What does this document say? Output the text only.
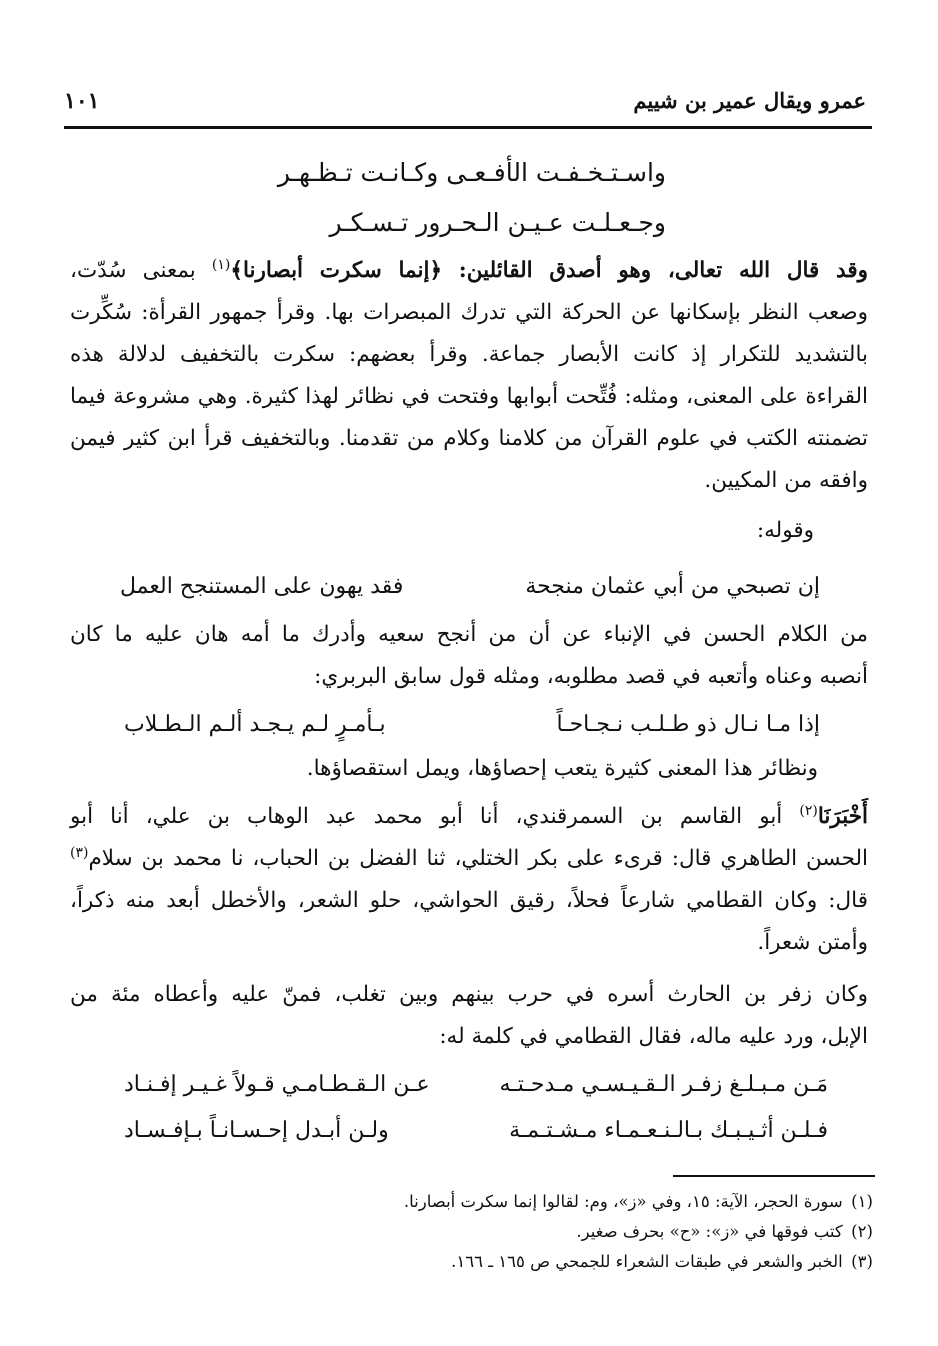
عمرو ويقال عمير بن شييم
١٠١
واسـتـخـفـت الأفـعـى وكـانـت تـظـهـر
وجـعـلـت عـيـن الـحـرور تـسـكـر
وقد قال الله تعالى، وهو أصدق القائلين: ﴿إنما سكرت أبصارنا﴾$^{(١)}$ بمعنى سُدّت،
وصعب النظر بإسكانها عن الحركة التي تدرك المبصرات بها. وقرأ جمهور القرأة: سُكِّرت
بالتشديد للتكرار إذ كانت الأبصار جماعة. وقرأ بعضهم: سكرت بالتخفيف لدلالة هذه
القراءة على المعنى، ومثله: فُتِّحت أبوابها وفتحت في نظائر لهذا كثيرة. وهي مشروعة فيما
تضمنته الكتب في علوم القرآن من كلامنا وكلام من تقدمنا. وبالتخفيف قرأ ابن كثير فيمن
وافقه من المكيين.
وقوله:
إن تصبحي من أبي عثمان منجحة
فقد يهون على المستنجح العمل
من الكلام الحسن في الإنباء عن أن من أنجح سعيه وأدرك ما أمه هان عليه ما كان
أنصبه وعناه وأتعبه في قصد مطلوبه، ومثله قول سابق البربري:
إذا مـا نـال ذو طـلـب نـجـاحـاً
بـأمـرٍ لـم يـجـد ألـم الـطـلاب
ونظائر هذا المعنى كثيرة يتعب إحصاؤها، ويمل استقصاؤها.
أَخْبَرَنَا$^{(٢)}$ أبو القاسم بن السمرقندي، أنا أبو محمد عبد الوهاب بن علي، أنا أبو
الحسن الطاهري قال: قرىء على بكر الختلي، ثنا الفضل بن الحباب، نا محمد بن سلام$^{(٣)}$
قال: وكان القطامي شارعاً فحلاً، رقيق الحواشي، حلو الشعر، والأخطل أبعد منه ذكراً،
وأمتن شعراً.
وكان زفر بن الحارث أسره في حرب بينهم وبين تغلب، فمنّ عليه وأعطاه مئة من
الإبل، ورد عليه ماله، فقال القطامي في كلمة له:
مَـن مـبـلـغ زفـر الـقـيـسـي مـدحـتـه
عـن الـقـطـامـي قـولاً غـيـر إفـنـاد
فـلـن أثـيـبـك بـالـنـعـمـاء مـشـتـمـة
ولـن أبـدل إحـسـانـاً بـإفـسـاد
(١) سورة الحجر، الآية: ١٥، وفي «ز»، وم: لقالوا إنما سكرت أبصارنا.
(٢) كتب فوقها في «ز»: «ح» بحرف صغير.
(٣) الخبر والشعر في طبقات الشعراء للجمحي ص ١٦٥ ـ ١٦٦.
